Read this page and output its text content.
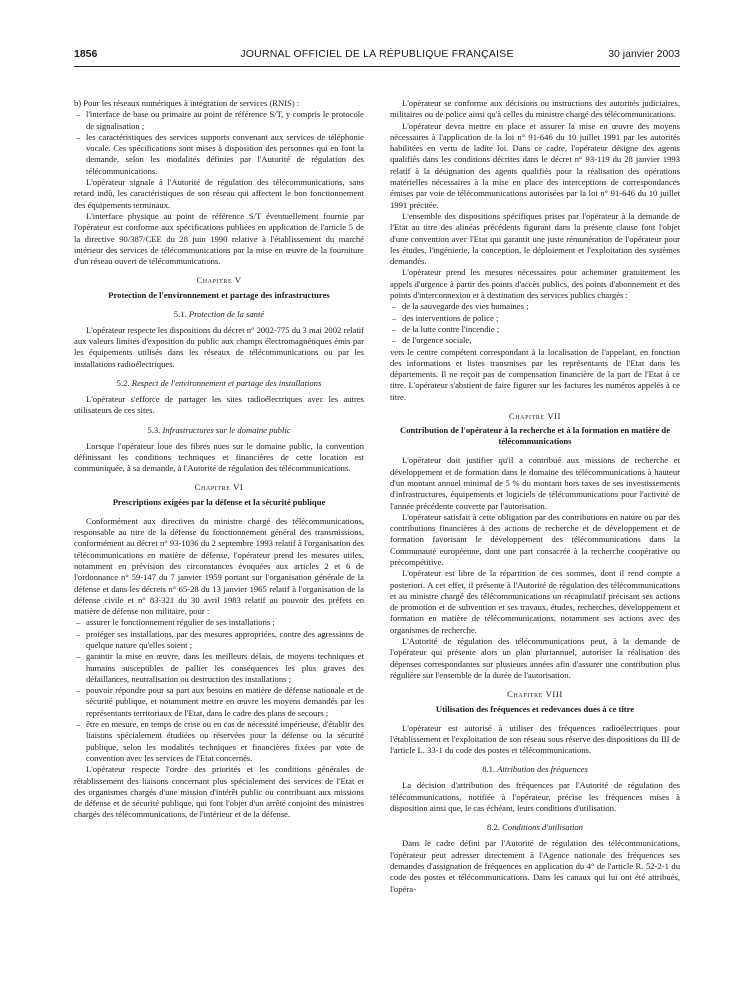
1856	JOURNAL OFFICIEL DE LA RÉPUBLIQUE FRANÇAISE	30 janvier 2003

b) Pour les réseaux numériques à intégration de services (RNIS) :

– l'interface de base ou primaire au point de référence S/T, y compris le protocole de signalisation ;
– les caractéristiques des services supports convenant aux services de téléphonie vocale. Ces spécifications sont mises à disposition des personnes qui en font la demande, selon les modalités définies par l'Autorité de régulation des télécommunications.

L'opérateur signale à l'Autorité de régulation des télécommunications, sans retard indû, les caractéristiques de son réseau qui affectent le bon fonctionnement des équipements terminaux.

L'interface physique au point de référence S/T éventuellement fournie par l'opérateur est conforme aux spécifications publiées en application de l'article 5 de la directive 90/387/CEE du 28 juin 1990 relative à l'établissement du marché intérieur des services de télécommunications par la mise en œuvre de la fourniture d'un réseau ouvert de télécommunications.

Chapitre V
Protection de l'environnement et partage des infrastructures
5.1. Protection de la santé

L'opérateur respecte les dispositions du décret n° 2002-775 du 3 mai 2002 relatif aux valeurs limites d'exposition du public aux champs électromagnétiques émis par les équipements utilisés dans les réseaux de télécommunications ou par les installations radioélectriques.

5.2. Respect de l'environnement et partage des installations

L'opérateur s'efforce de partager les sites radioélectriques avec les autres utilisateurs de ces sites.

5.3. Infrastructures sur le domaine public

Lorsque l'opérateur loue des fibres nues sur le domaine public, la convention définissant les conditions techniques et financières de cette location est communiquée, à sa demande, à l'Autorité de régulation des télécommunications.

Chapitre VI
Prescriptions exigées par la défense et la sécurité publique

Conformément aux directives du ministre chargé des télécommunications, responsable au titre de la défense du fonctionnement général des transmissions, conformément au décret n° 93-1036 du 2 septembre 1993 relatif à l'organisation des télécommunications en matière de défense, l'opérateur prend les mesures utiles, notamment en prévision des circonstances évoquées aux articles 2 et 6 de l'ordonnance n° 59-147 du 7 janvier 1959 portant sur l'organisation générale de la défense et dans les décrets n° 65-28 du 13 janvier 1965 relatif à l'organisation de la défense civile et n° 83-321 du 30 avril 1983 relatif au pouvoir des préfets en matière de défense non militaire, pour :

– assurer le fonctionnement régulier de ses installations ;
– protéger ses installations, par des mesures appropriées, contre des agressions de quelque nature qu'elles soient ;
– garantir la mise en œuvre, dans les meilleurs délais, de moyens techniques et humains susceptibles de pallier les conséquences les plus graves des défaillances, neutralisation ou destruction des installations ;
– pouvoir répondre pour sa part aux besoins en matière de défense nationale et de sécurité publique, et notamment mettre en œuvre les moyens demandés par les représentants territoriaux de l'Etat, dans le cadre des plans de secours ;
– être en mesure, en temps de crise ou en cas de nécessité impérieuse, d'établir des liaisons spécialement étudiées ou réservées pour la défense ou la sécurité publique, selon les modalités techniques et financières fixées par voie de convention avec les services de l'Etat concernés.

L'opérateur respecte l'ordre des priorités et les conditions générales de rétablissement des liaisons concernant plus spécialement des services de l'Etat et des organismes chargés d'une mission d'intérêt public ou contribuant aux missions de défense et de sécurité publique, qui font l'objet d'un arrêté conjoint des ministres chargés des télécommunications, de l'intérieur et de la défense.

L'opérateur se conforme aux décisions ou instructions des autorités judiciaires, militaires ou de police ainsi qu'à celles du ministre chargé des télécommunications.

L'opérateur devra mettre en place et assurer la mise en œuvre des moyens nécessaires à l'application de la loi n° 91-646 du 10 juillet 1991 par les autorités habilitées en vertu de ladite loi. Dans ce cadre, l'opérateur désigne des agents qualifiés dans les conditions décrites dans le décret n° 93-119 du 28 janvier 1993 relatif à la désignation des agents qualifiés pour la réalisation des opérations matérielles nécessaires à la mise en place des interceptions de correspondances émises par voie de télécommunications autorisées par la loi n° 91-646 du 10 juillet 1991 précitée.

L'ensemble des dispositions spécifiques prises par l'opérateur à la demande de l'Etat au titre des alinéas précédents figurant dans la présente clause font l'objet d'une convention avec l'Etat qui garantit une juste rémunération de l'opérateur pour les études, l'ingénierie, la conception, le déploiement et l'exploitation des systèmes demandés.

L'opérateur prend les mesures nécessaires pour acheminer gratuitement les appels d'urgence à partir des points d'accès publics, des points d'abonnement et des points d'interconnexion et à destination des services publics chargés :

– de la sauvegarde des vies humaines ;
– des interventions de police ;
– de la lutte contre l'incendie ;
– de l'urgence sociale,

vers le centre compétent correspondant à la localisation de l'appelant, en fonction des informations et listes transmises par les représentants de l'Etat dans les départements. Il ne reçoit pas de compensation financière de la part de l'Etat à ce titre. L'opérateur s'abstient de faire figurer sur les factures les numéros appelés à ce titre.

Chapitre VII
Contribution de l'opérateur à la recherche et à la formation en matière de télécommunications

L'opérateur doit justifier qu'il a contribué aux missions de recherche et développement et de formation dans le domaine des télécommunications à hauteur d'un montant annuel minimal de 5 % du montant hors taxes de ses investissements d'infrastructures, équipements et logiciels de télécommunications pour l'activité de l'année précédente couverte par l'autorisation.

L'opérateur satisfait à cette obligation par des contributions en nature ou par des contributions financières à des actions de recherche et de développement et de formation favorisant le développement des télécommunications dans la Communauté européenne, dont une part consacrée à la recherche coopérative ou précompétitive.

L'opérateur est libre de la répartition de ces sommes, dont il rend compte a posteriori. A cet effet, il présente à l'Autorité de régulation des télécommunications et au ministre chargé des télécommunications un récapitulatif précisant ses actions de promotion et de subvention et ses travaux, études, recherches, développement et formation en matière de télécommunications, notamment ses actions avec des organismes de recherche.

L'Autorité de régulation des télécommunications peut, à la demande de l'opérateur qui présente alors un plan pluriannuel, autoriser la réalisation des dépenses correspondantes sur plusieurs années afin d'assurer une contribution plus régulière sur l'ensemble de la durée de l'autorisation.

Chapitre VIII
Utilisation des fréquences et redevances dues à ce titre

L'opérateur est autorisé à utiliser des fréquences radioélectriques pour l'établissement et l'exploitation de son réseau sous réserve des dispositions du III de l'article L. 33-1 du code des postes et télécommunications.

8.1. Attribution des fréquences

La décision d'attribution des fréquences par l'Autorité de régulation des télécommunications, notifiée à l'opérateur, précise les fréquences mises à disposition ainsi que, le cas échéant, leurs conditions d'utilisation.

8.2. Conditions d'utilisation

Dans le cadre défini par l'Autorité de régulation des télécommunications, l'opérateur peut adresser directement à l'Agence nationale des fréquences ses demandes d'assignation de fréquences en application du 4° de l'article R. 52-2-1 du code des postes et télécommunications. Dans les canaux qui lui ont été attribués, l'opéra-
